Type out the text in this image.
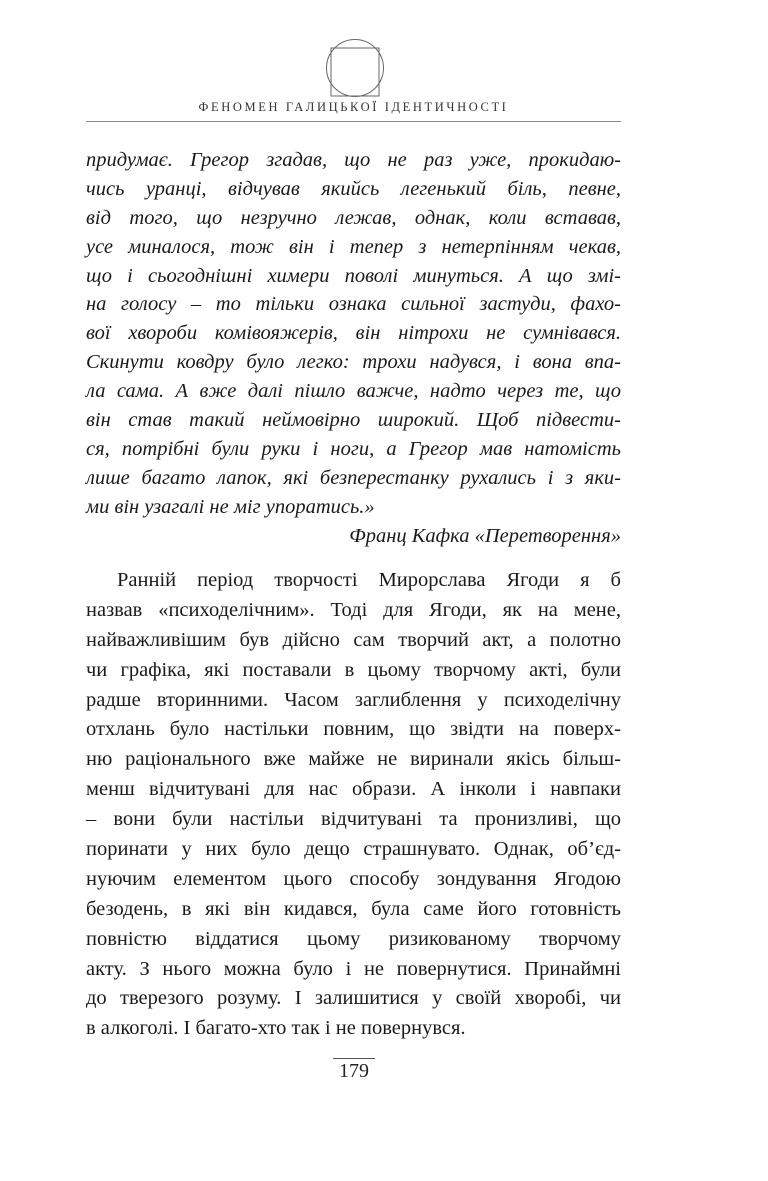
ФЕНОМЕН ГАЛИЦЬКОЇ ІДЕНТИЧНОСТІ
придумає. Грегор згадав, що не раз уже, прокидаю-
чись уранці, відчував якийсь легенький біль, певне,
від того, що незручно лежав, однак, коли вставав,
усе миналося, тож він і тепер з нетерпінням чекав,
що і сьогоднішні химери поволі минуться. А що змі-
на голосу – то тільки ознака сильної застуди, фахо-
вої хвороби комівояжерів, він нітрохи не сумнівався.
Скинути ковдру було легко: трохи надувся, і вона впа-
ла сама. А вже далі пішло важче, надто через те, що
він став такий неймовірно широкий. Щоб підвести-
ся, потрібні були руки і ноги, а Грегор мав натомість
лише багато лапок, які безперестанку рухались і з яки-
ми він узагалі не міг упоратись.»
Франц Кафка «Перетворення»
Ранній період творчості Мирорслава Ягоди я б
назвав «психоделічним». Тоді для Ягоди, як на мене,
найважливішим був дійсно сам творчий акт, а полотно
чи графіка, які поставали в цьому творчому акті, були
радше вторинними. Часом заглиблення у психоделічну
отхлань було настільки повним, що звідти на поверх-
ню раціонального вже майже не виринали якісь більш-
менш відчитувані для нас образи. А інколи і навпаки
– вони були настільи відчитувані та пронизливі, що
поринати у них було дещо страшнувато. Однак, об’єд-
нуючим елементом цього способу зондування Ягодою
безодень, в які він кидався, була саме його готовність
повністю віддатися цьому ризикованому творчому
акту. З нього можна було і не повернутися. Принаймні
до тверезого розуму. І залишитися у своїй хворобі, чи
в алкоголі. І багато-хто так і не повернувся.
179
